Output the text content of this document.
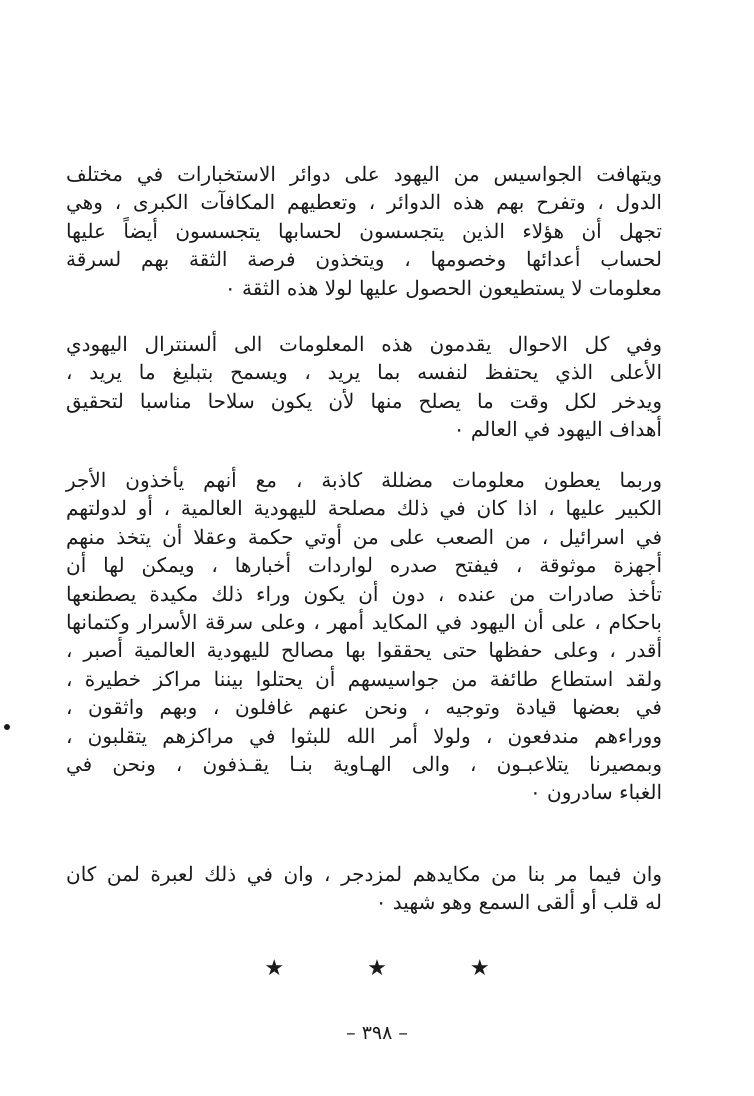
ويتهافت الجواسيس من اليهود على دوائر الاستخبارات في مختلف
الدول ، وتفرح بهم هذه الدوائر ، وتعطيهم المكافآت الكبرى ، وهي
تجهل أن هؤلاء الذين يتجسسون لحسابها يتجسسون أيضاً عليها
لحساب أعدائها وخصومها ، ويتخذون فرصة الثقة بهم لسرقة
معلومات لا يستطيعون الحصول عليها لولا هذه الثقة ٠
وفي كل الاحوال يقدمون هذه المعلومات الى ألسنترال اليهودي
الأعلى الذي يحتفظ لنفسه بما يريد ، ويسمح بتبليغ ما يريد ،
ويدخر لكل وقت ما يصلح منها لأن يكون سلاحا مناسبا لتحقيق
أهداف اليهود في العالم ٠
وربما يعطون معلومات مضللة كاذبة ، مع أنهم يأخذون الأجر
الكبير عليها ، اذا كان في ذلك مصلحة لليهودية العالمية ، أو لدولتهم
في اسرائيل ، من الصعب على من أوتي حكمة وعقلا أن يتخذ منهم
أجهزة موثوقة ، فيفتح صدره لواردات أخبارها ، ويمكن لها أن
تأخذ صادرات من عنده ، دون أن يكون وراء ذلك مكيدة يصطنعها
باحكام ، على أن اليهود في المكايد أمهر ، وعلى سرقة الأسرار وكتمانها
أقدر ، وعلى حفظها حتى يحققوا بها مصالح لليهودية العالمية أصبر ،
ولقد استطاع طائفة من جواسيسهم أن يحتلوا بيننا مراكز خطيرة ،
في بعضها قيادة وتوجيه ، ونحن عنهم غافلون ، وبهم واثقون ،
ووراءهم مندفعون ، ولولا أمر الله للبثوا في مراكزهم يتقلبون ،
وبمصيرنا يتلاعبـون ، والى الهـاوية بنـا يقـذفون ، ونحن في
الغباء سادرون ٠
وان فيما مر بنا من مكايدهم لمزدجر ، وان في ذلك لعبرة لمن كان
له قلب أو ألقى السمع وهو شهيد ٠
★ ★ ★
– ٣٩٨ –
